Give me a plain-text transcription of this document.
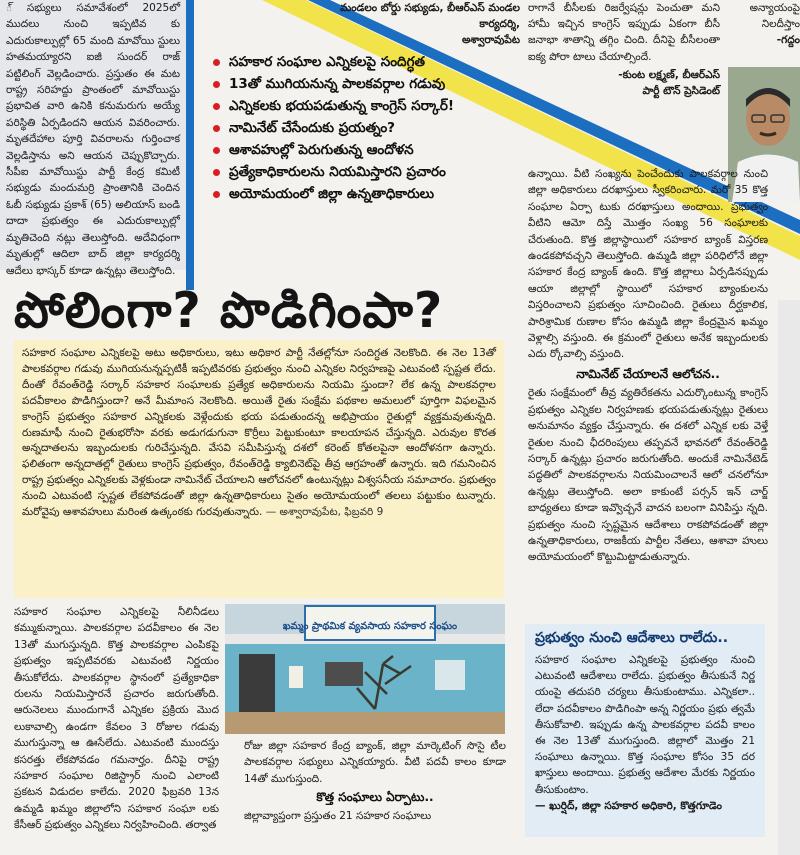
్ సభ్యులు సమావేశంలో 2025లో ముదలు నుంచి ఇప్పటివ కు ఎదురుకాల్పుల్లో 65 మంది మావోయి స్టులు హతమయ్యారని ఐజీ సుందర్ రాజ్ పట్టిలింగ్ వెల్లడించారు. ప్రస్తుతం ఈ మట రాష్ట్ర సరిహద్దు ప్రాంతంలో మావోయిస్టు ప్రభావిత వారి ఉనికి కనుమరుగు అయ్యే పరిస్థితి ఏర్పడిందని ఆయన వివరించారు. మృతదేహాల పూర్తి వివరాలను గుర్తించాక వెల్లడిస్తాను అని ఆయన చెప్పుకొచ్చారు. సీపీఐ మావోయిస్టు పార్టీ కేంద్ర కమిటీ సభ్యుడు మందుమర్రి ప్రాంతానికి చెందిన ఓబీ సభ్యుడు ప్రకాశ్ (65) అలియాస్ బండి దాదా ప్రభుత్వం ఈ ఎదురుకాల్పుల్లో మృతిచెంది నట్లు తెలుస్తోంది. అదేవిధంగా మృతుల్లో ఆదిలా బాద్ జిల్లా కార్యదర్శి ఆదేలు భాస్కర్ కూడా ఉన్నట్లు తెలుస్తోంది.
మండలం బోర్డు సభ్యుడు, బీఆర్ఎస్ మండల కార్యదర్శి,
అశ్వారావుపేట
రాగానే బీసీలకు రిజర్వేషన్లు పెంచుతా మని హామీ ఇచ్చిన కాంగ్రెస్ ఇప్పుడు ఏకంగా బీసీ జనాభా శాతాన్ని తగ్గిం చింది. దీనిపై బీసీలంతా ఐక్య పోరా టాలు చేయాల్సిందే.
-కుంట లక్ష్మణ్, బీఆర్ఎస్
పార్టీ టౌన్ ప్రెసిడెంట్
అన్యాయంపై నిలదీస్తాం
-గద్దం
సహకార సంఘాల ఎన్నికలపై సందిగ్ధత
13తో ముగియనున్న పాలకవర్గాల గడువు
ఎన్నికలకు భయపడుతున్న కాంగ్రెస్ సర్కార్!
నామినేట్ చేసేందుకు ప్రయత్నం?
ఆశావహుల్లో పెరుగుతున్న ఆందోళన
ప్రత్యేకాధికారులను నియమిస్తారని ప్రచారం
అయోమయంలో జిల్లా ఉన్నతాధికారులు
పోలింగా? పొడిగింపా?
సహకార సంఘాల ఎన్నికలపై అటు అధికారులు, ఇటు అధికార పార్టీ నేతల్లోనూ సందిగ్ధత నెలకొంది. ఈ నెల 13తో పాలకవర్గాల గడువు ముగియనున్నప్పటికీ ఇప్పటివరకు ప్రభుత్వం నుంచి ఎన్నికల నిర్వహణపై ఎటువంటి స్పష్టత లేదు. దీంతో రేవంత్‌రెడ్డి సర్కార్ సహకార సంఘాలకు ప్రత్యేక అధికారులను నియమి స్తుందా? లేక ఉన్న పాలకవర్గాల పదవీకాలం పొడిగిస్తుందా? అనే మీమాంస నెలకొంది. అయితే రైతు సంక్షేమ పథకాల అమలులో పూర్తిగా విఫలమైన కాంగ్రెస్ ప్రభుత్వం సహకార ఎన్నికలకు వెళ్లేందుకు భయ పడుతుందన్న అభిప్రాయం రైతుల్లో వ్యక్తమవుతున్నది. రుణమాఫీ నుంచి రైతుభరోసా వరకు అడుగడుగునా కొర్రీలు పెట్టుకుంటూ కాలయాపన చేస్తున్నది. ఎరువుల కొరత అన్నదాతలను ఇబ్బందులకు గురిచేస్తున్నది. వేసవి సమీపిస్తున్న దశలో కరెంట్ కోతలపైనా ఆందోళనగా ఉన్నారు. ఫలితంగా అన్నదాతల్లో రైతులు కాంగ్రెస్ ప్రభుత్వం, రేవంత్‌రెడ్డి క్యాబినెట్‌పై తీవ్ర ఆగ్రహంతో ఉన్నారు. ఇది గమనించిన రాష్ట్ర ప్రభుత్వం ఎన్నికలకు వెళ్లకుండా నామినేట్ చేయాలని ఆలోచనలో ఉంటున్నట్లు విశ్వసనీయ సమాచారం. ప్రభుత్వం నుంచి ఎటువంటి స్పష్టత లేకపోవడంతో జిల్లా ఉన్నతాధికారులు సైతం అయోమయంలో తలలు పట్టుకుం టున్నారు. మరోవైపు ఆశావహులు మరింత ఉత్కంఠకు గురవుతున్నారు. — అశ్వారావుపేట, ఫిబ్రవరి 9
సహకార సంఘాల ఎన్నికలపై నీలినీడలు కమ్ముకున్నాయి. పాలకవర్గాల పదవీకాలం ఈ నెల 13తో ముగుస్తున్నది. కొత్త పాలకవర్గాల ఎంపికపై ప్రభుత్వం ఇప్పటివరకు ఎటువంటి నిర్ణయం తీసుకోలేదు. పాలకవర్గాల స్థానంలో ప్రత్యేకాధికా రులను నియమిస్తారనే ప్రచారం జరుగుతోంది. ఆరునెలలు ముందుగానే ఎన్నికల ప్రక్రియ మొద లుకావాల్సి ఉండగా కేవలం 3 రోజుల గడువు ముగుస్తున్నా ఆ ఊసేలేదు. ఎటువంటి ముందస్తు కసరత్తు లేకపోవడం గమనార్హం. దీనిపై రాష్ట్ర సహకార సంఘాల రిజిస్ట్రార్ నుంచి ఎలాంటి ప్రకటన విడుదల కాలేదు. 2020 ఫిబ్రవరి 13న ఉమ్మడి ఖమ్మం జిల్లాలోని సహకార సంఘా లకు కేసీఆర్ ప్రభుత్వం ఎన్నికలు నిర్వహించింది. తర్వాత
ఖమ్మం ప్రాథమిక వ్యవసాయ సహకార సంఘం
రోజు జిల్లా సహకార కేంద్ర బ్యాంక్, జిల్లా మార్కెటింగ్ సొసై టీల పాలకవర్గాల సభ్యులు ఎన్నికయ్యారు. వీటి పదవీ కాలం కూడా 14తో ముగుస్తుంది.
కొత్త సంఘాలు ఏర్పాటు..
జిల్లావ్యాప్తంగా ప్రస్తుతం 21 సహకార సంఘాలు
ఉన్నాయి. వీటి సంఖ్యను పెంచేందుకు పాలకవర్గాల నుంచి జిల్లా అధికారులు దరఖాస్తులు స్వీకరించారు. మరో 35 కొత్త సంఘాల ఏర్పా టుకు దరఖాస్తులు అందాయి. ప్రభుత్వం వీటిని ఆమో దిస్తే మొత్తం సంఖ్య 56 సంఘాలకు చేరుతుంది. కొత్త జిల్లాస్థాయిలో సహకార బ్యాంక్ విస్తరణ ఉండకపోవచ్చని తెలుస్తోంది. ఉమ్మడి జిల్లా పరిధిలోనే జిల్లా సహకార కేంద్ర బ్యాంక్ ఉంది. కొత్త జిల్లాలు ఏర్పడినప్పుడు ఆయా జిల్లాల్లో స్థాయిలో సహకార బ్యాంకులను విస్తరించాలని ప్రభుత్వం సూచించింది. రైతులు దీర్ఘకాలిక, పారిశ్రామిక రుణాల కోసం ఉమ్మడి జిల్లా కేంద్రమైన ఖమ్మం వెళ్లాల్సి వస్తుంది. ఈ క్రమంలో రైతులు అనేక ఇబ్బందులకు ఎదు ర్కోవాల్సి వస్తుంది.
నామినేట్ చేయాలనే ఆలోచన..
రైతు సంక్షేమంలో తీవ్ర వ్యతిరేకతను ఎదుర్కొంటున్న కాంగ్రెస్ ప్రభుత్వం ఎన్నికల నిర్వహణకు భయపడుతున్నట్లు రైతులు అనుమానం వ్యక్తం చేస్తున్నారు. ఈ దశలో ఎన్నిక లకు వెళ్తే రైతుల నుంచి ఛీదరింపులు తప్పవనే భావనలో రేవంత్‌రెడ్డి సర్కార్ ఉన్నట్లు ప్రచారం జరుగుతోంది. అందుకే నామినేటెడ్ పద్ధతిలో పాలకవర్గాలను నియమించాలనే ఆలో చనలోనూ ఉన్నట్లు తెలుస్తోంది. అలా కాకుంటే పర్సన్ ఇన్ చార్జ్ బాధ్యతలు కూడా ఇవ్వొచ్చనే వాదన బలంగా వినిపిస్తు న్నది. ప్రభుత్వం నుంచి స్పష్టమైన ఆదేశాలు రాకపోవడంతో జిల్లా ఉన్నతాధికారులు, రాజకీయ పార్టీల నేతలు, ఆశావా హులు అయోమయంలో కొట్టుమిట్టాడుతున్నారు.
ప్రభుత్వం నుంచి ఆదేశాలు రాలేదు..
సహకార సంఘాల ఎన్నికలపై ప్రభుత్వం నుంచి ఎటువంటి ఆదేశాలు రాలేదు. ప్రభుత్వం తీసుకునే నిర్ణ యంపై తదుపరి చర్యలు తీసుకుంటాము. ఎన్నికలా.. లేదా పదవీకాలం పొడిగింపా అన్న నిర్ణయం ప్రభు త్వమే తీసుకోవాలి. ఇప్పుడు ఉన్న పాలకవర్గాల పదవీ కాలం ఈ నెల 13తో ముగుస్తుంది. జిల్లాలో మొత్తం 21 సంఘాలు ఉన్నాయి. కొత్త సంఘాల కోసం 35 దర ఖాస్తులు అందాయి. ప్రభుత్వ ఆదేశాల మేరకు నిర్ణయం తీసుకుంటాం.
— ఖుర్షిద్, జిల్లా సహకార అధికారి, కొత్తగూడెం
